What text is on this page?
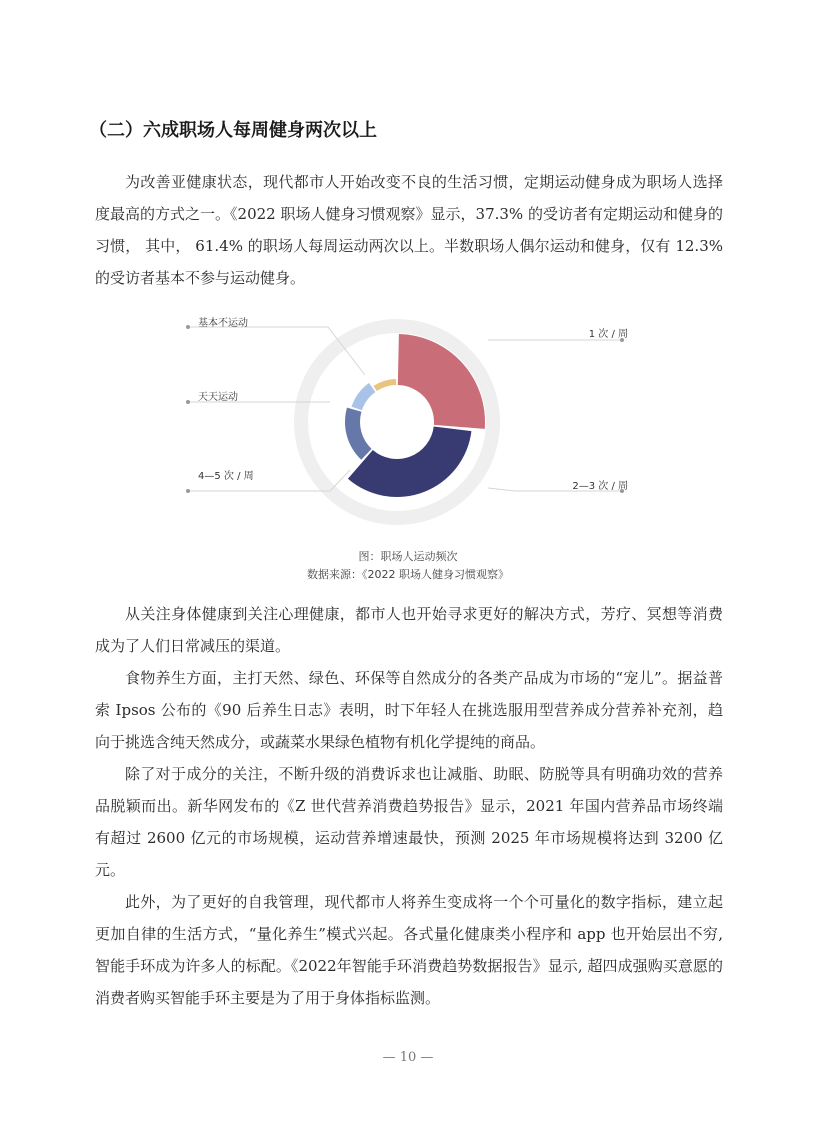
（二）六成职场人每周健身两次以上

为改善亚健康状态，现代都市人开始改变不良的生活习惯，定期运动健身成为职场人选择度最高的方式之一。《2022 职场人健身习惯观察》显示，37.3% 的受访者有定期运动和健身的习惯， 其中， 61.4% 的职场人每周运动两次以上。半数职场人偶尔运动和健身，仅有 12.3% 的受访者基本不参与运动健身。

1 次 / 周
2—3 次 / 周
4—5 次 / 周
天天运动
基本不运动
图：职场人运动频次
数据来源：《2022 职场人健身习惯观察》

从关注身体健康到关注心理健康，都市人也开始寻求更好的解决方式，芳疗、冥想等消费成为了人们日常减压的渠道。

食物养生方面，主打天然、绿色、环保等自然成分的各类产品成为市场的“宠儿”。据益普索 Ipsos 公布的《90 后养生日志》表明，时下年轻人在挑选服用型营养成分营养补充剂，趋向于挑选含纯天然成分，或蔬菜水果绿色植物有机化学提纯的商品。

除了对于成分的关注，不断升级的消费诉求也让减脂、助眠、防脱等具有明确功效的营养品脱颖而出。新华网发布的《Z 世代营养消费趋势报告》显示，2021 年国内营养品市场终端有超过 2600 亿元的市场规模，运动营养增速最快，预测 2025 年市场规模将达到 3200 亿元。

此外，为了更好的自我管理，现代都市人将养生变成将一个个可量化的数字指标，建立起更加自律的生活方式，“量化养生”模式兴起。各式量化健康类小程序和 app 也开始层出不穷, 智能手环成为许多人的标配。《2022年智能手环消费趋势数据报告》显示, 超四成强购买意愿的消费者购买智能手环主要是为了用于身体指标监测。

— 10 —
